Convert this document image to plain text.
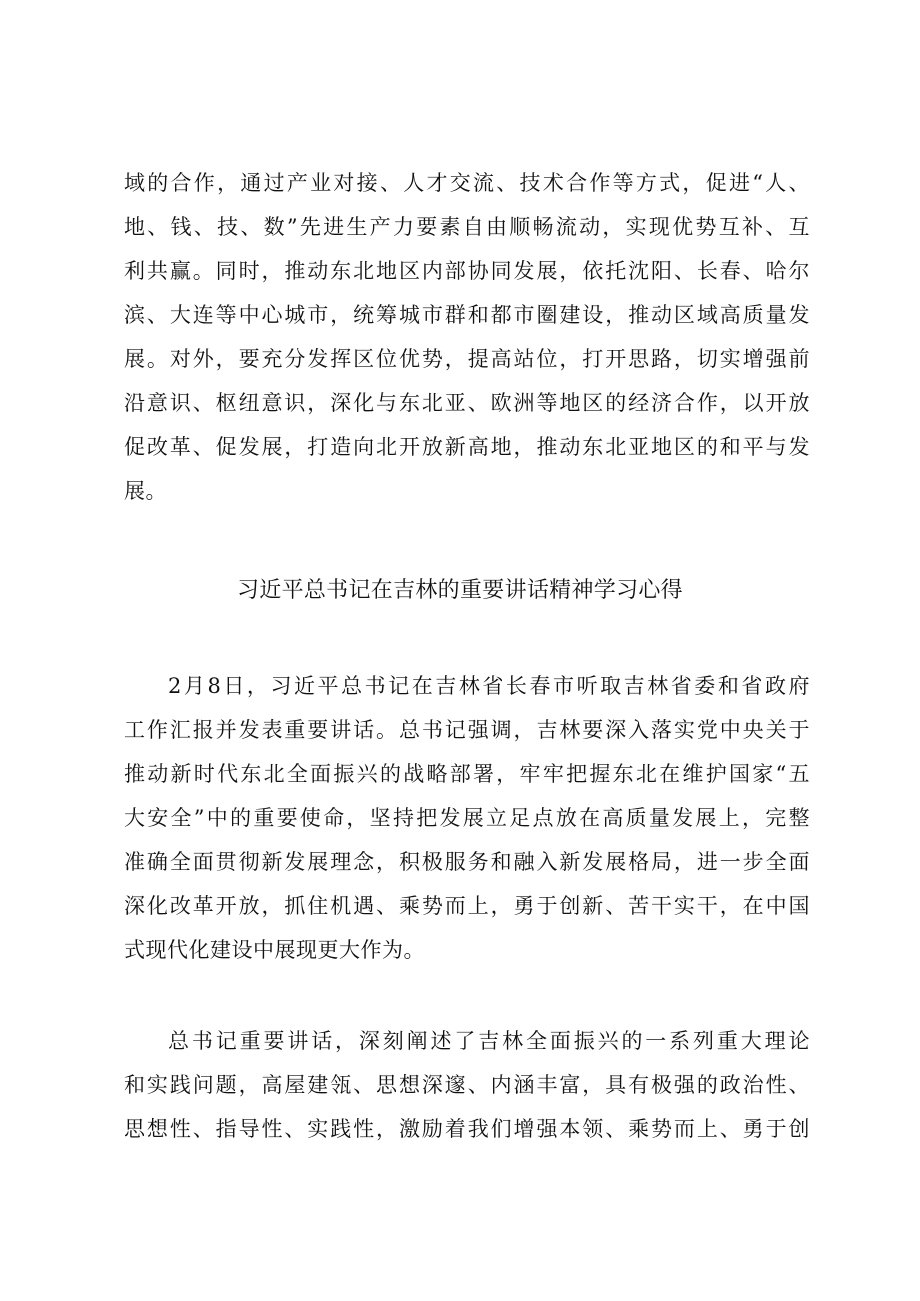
域的合作，通过产业对接、人才交流、技术合作等方式，促进“人、
地、钱、技、数”先进生产力要素自由顺畅流动，实现优势互补、互
利共赢。同时，推动东北地区内部协同发展，依托沈阳、长春、哈尔
滨、大连等中心城市，统筹城市群和都市圈建设，推动区域高质量发
展。对外，要充分发挥区位优势，提高站位，打开思路，切实增强前
沿意识、枢纽意识，深化与东北亚、欧洲等地区的经济合作，以开放
促改革、促发展，打造向北开放新高地，推动东北亚地区的和平与发
展。
习近平总书记在吉林的重要讲话精神学习心得
2月8日，习近平总书记在吉林省长春市听取吉林省委和省政府
工作汇报并发表重要讲话。总书记强调，吉林要深入落实党中央关于
推动新时代东北全面振兴的战略部署，牢牢把握东北在维护国家“五
大安全”中的重要使命，坚持把发展立足点放在高质量发展上，完整
准确全面贯彻新发展理念，积极服务和融入新发展格局，进一步全面
深化改革开放，抓住机遇、乘势而上，勇于创新、苦干实干，在中国
式现代化建设中展现更大作为。
总书记重要讲话，深刻阐述了吉林全面振兴的一系列重大理论
和实践问题，高屋建瓴、思想深邃、内涵丰富，具有极强的政治性、
思想性、指导性、实践性，激励着我们增强本领、乘势而上、勇于创
